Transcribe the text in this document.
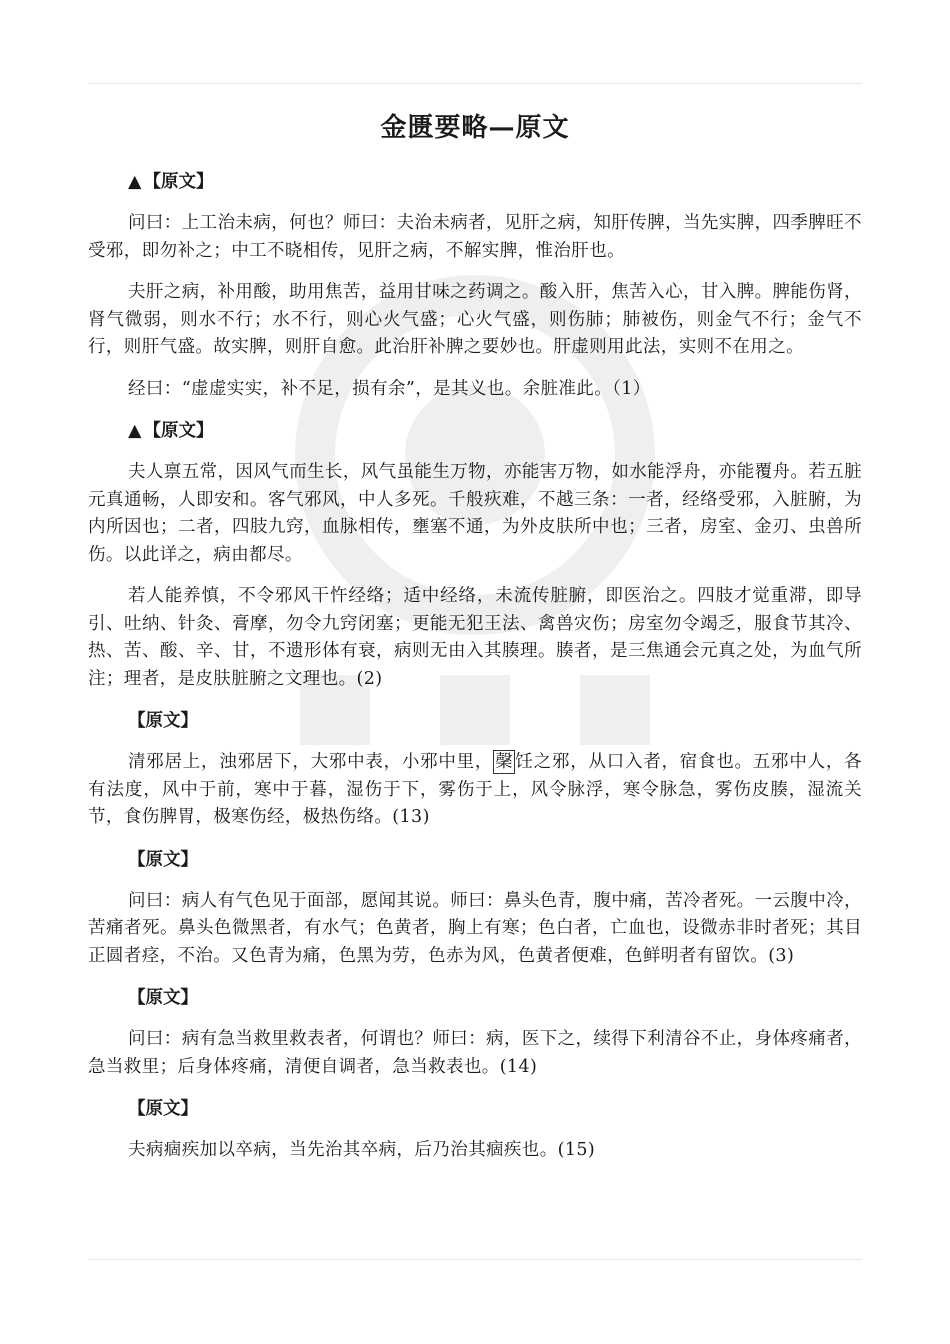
金匮要略—原文
▲ 【原文】

问曰：上工治未病，何也？师曰：夫治未病者，见肝之病，知肝传脾，当先实脾，四季脾旺不受邪，即勿补之；中工不晓相传，见肝之病，不解实脾，惟治肝也。

夫肝之病，补用酸，助用焦苦，益用甘味之药调之。酸入肝，焦苦入心，甘入脾。脾能伤肾，肾气微弱，则水不行；水不行，则心火气盛；心火气盛，则伤肺；肺被伤，则金气不行；金气不行，则肝气盛。故实脾，则肝自愈。此治肝补脾之要妙也。肝虚则用此法，实则不在用之。

经曰：“虚虚实实，补不足，损有余”，是其义也。余脏准此。（1）

▲ 【原文】

夫人禀五常，因风气而生长，风气虽能生万物，亦能害万物，如水能浮舟，亦能覆舟。若五脏元真通畅，人即安和。客气邪风，中人多死。千般疢难，不越三条：一者，经络受邪，入脏腑，为内所因也；二者，四肢九窍，血脉相传，壅塞不通，为外皮肤所中也；三者，房室、金刃、虫兽所伤。以此详之，病由都尽。

若人能养慎，不令邪风干忤经络；适中经络，未流传脏腑，即医治之。四肢才觉重滞，即导引、吐纳、针灸、膏摩，勿令九窍闭塞；更能无犯王法、禽兽灾伤；房室勿令竭乏，服食节其冷、热、苦、酸、辛、甘，不遗形体有衰，病则无由入其腠理。腠者，是三焦通会元真之处，为血气所注；理者，是皮肤脏腑之文理也。(2)

【原文】

清邪居上，浊邪居下，大邪中表，小邪中里， 䅽 饪之邪，从口入者，宿食也。五邪中人，各有法度，风中于前，寒中于暮，湿伤于下，雾伤于上，风令脉浮，寒令脉急，雾伤皮腠，湿流关节，食伤脾胃，极寒伤经，极热伤络。(13)

【原文】

问曰：病人有气色见于面部，愿闻其说。师曰：鼻头色青，腹中痛，苦冷者死。一云腹中冷，苦痛者死。鼻头色微黑者，有水气；色黄者，胸上有寒；色白者，亡血也，设微赤非时者死；其目正圆者痉，不治。又色青为痛，色黑为劳，色赤为风，色黄者便难，色鲜明者有留饮。(3)

【原文】

问曰：病有急当救里救表者，何谓也？师曰：病，医下之，续得下利清谷不止，身体疼痛者，急当救里；后身体疼痛，清便自调者，急当救表也。(14)

【原文】

夫病痼疾加以卒病，当先治其卒病，后乃治其痼疾也。(15)
